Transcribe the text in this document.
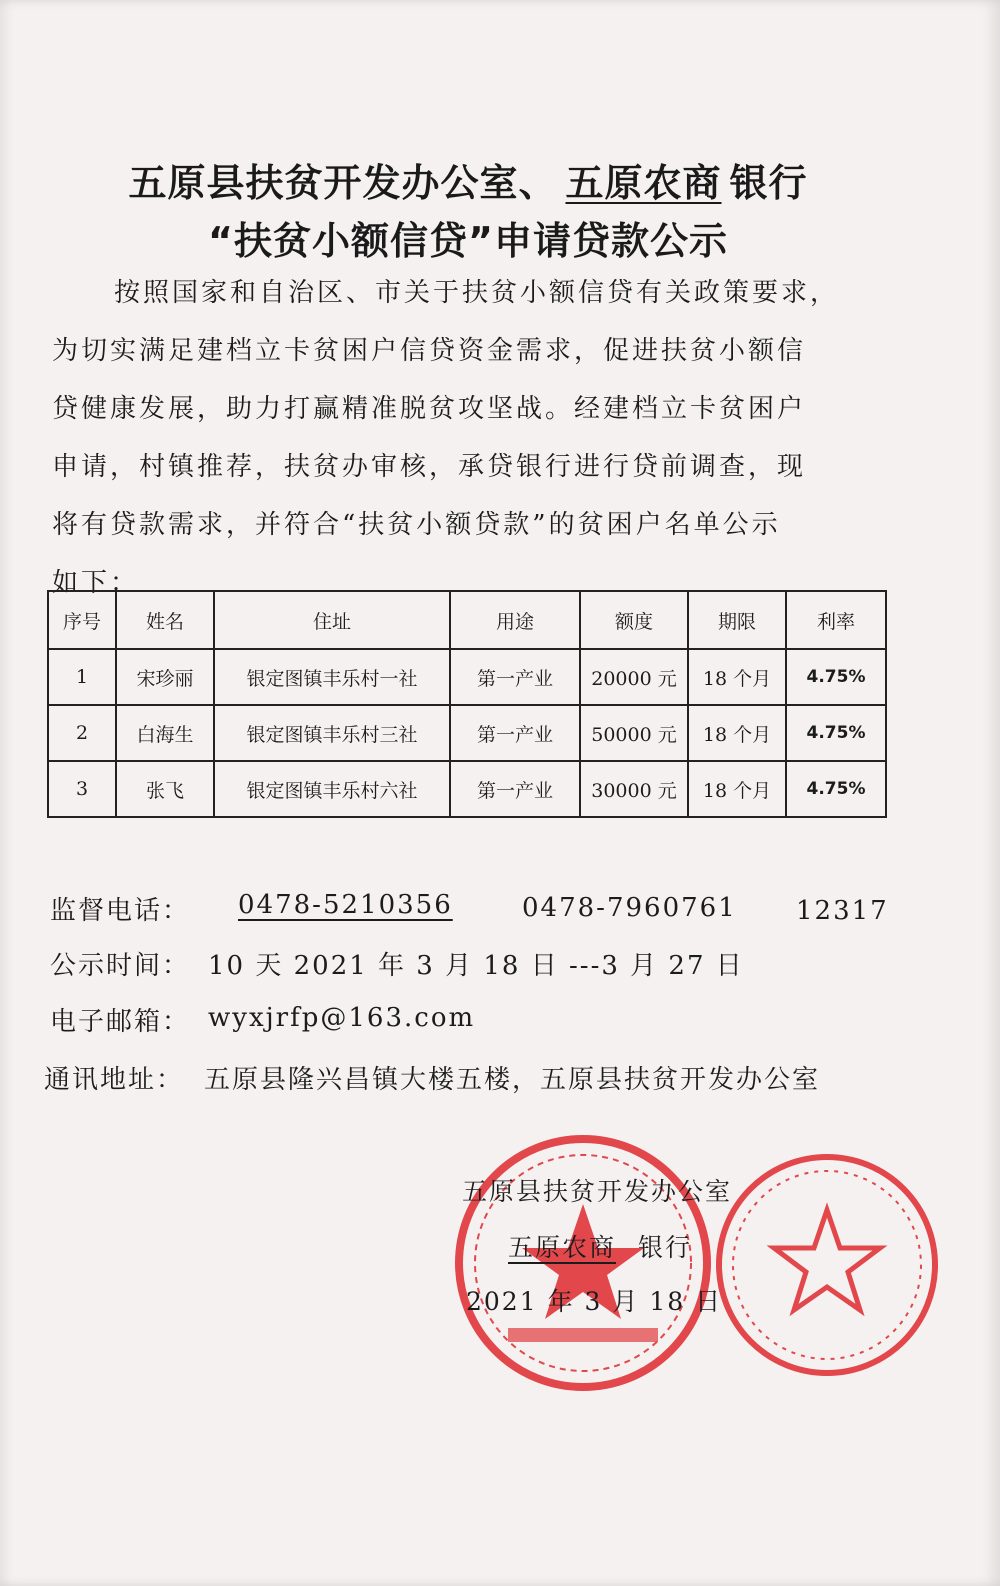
五原县扶贫开发办公室、 五原农商 银行
“扶贫小额信贷”申请贷款公示
按照国家和自治区、市关于扶贫小额信贷有关政策要求，
为切实满足建档立卡贫困户信贷资金需求，促进扶贫小额信
贷健康发展，助力打赢精准脱贫攻坚战。经建档立卡贫困户
申请，村镇推荐，扶贫办审核，承贷银行进行贷前调查，现
将有贷款需求，并符合“扶贫小额贷款”的贫困户名单公示
如下：
序号	姓名	住址	用途	额度	期限	利率
1	宋珍丽	银定图镇丰乐村一社	第一产业	20000 元	18 个月	4.75%
2	白海生	银定图镇丰乐村三社	第一产业	50000 元	18 个月	4.75%
3	张飞	银定图镇丰乐村六社	第一产业	30000 元	18 个月	4.75%
监督电话： 0478-5210356	0478-7960761 12317
公示时间： 10 天 2021 年 3 月 18 日 ---3 月 27 日
电子邮箱： wyxjrfp@163.com
通讯地址： 五原县隆兴昌镇大楼五楼，五原县扶贫开发办公室
五原县扶贫开发办公室
五原农商 银行
2021 年 3 月 18 日
